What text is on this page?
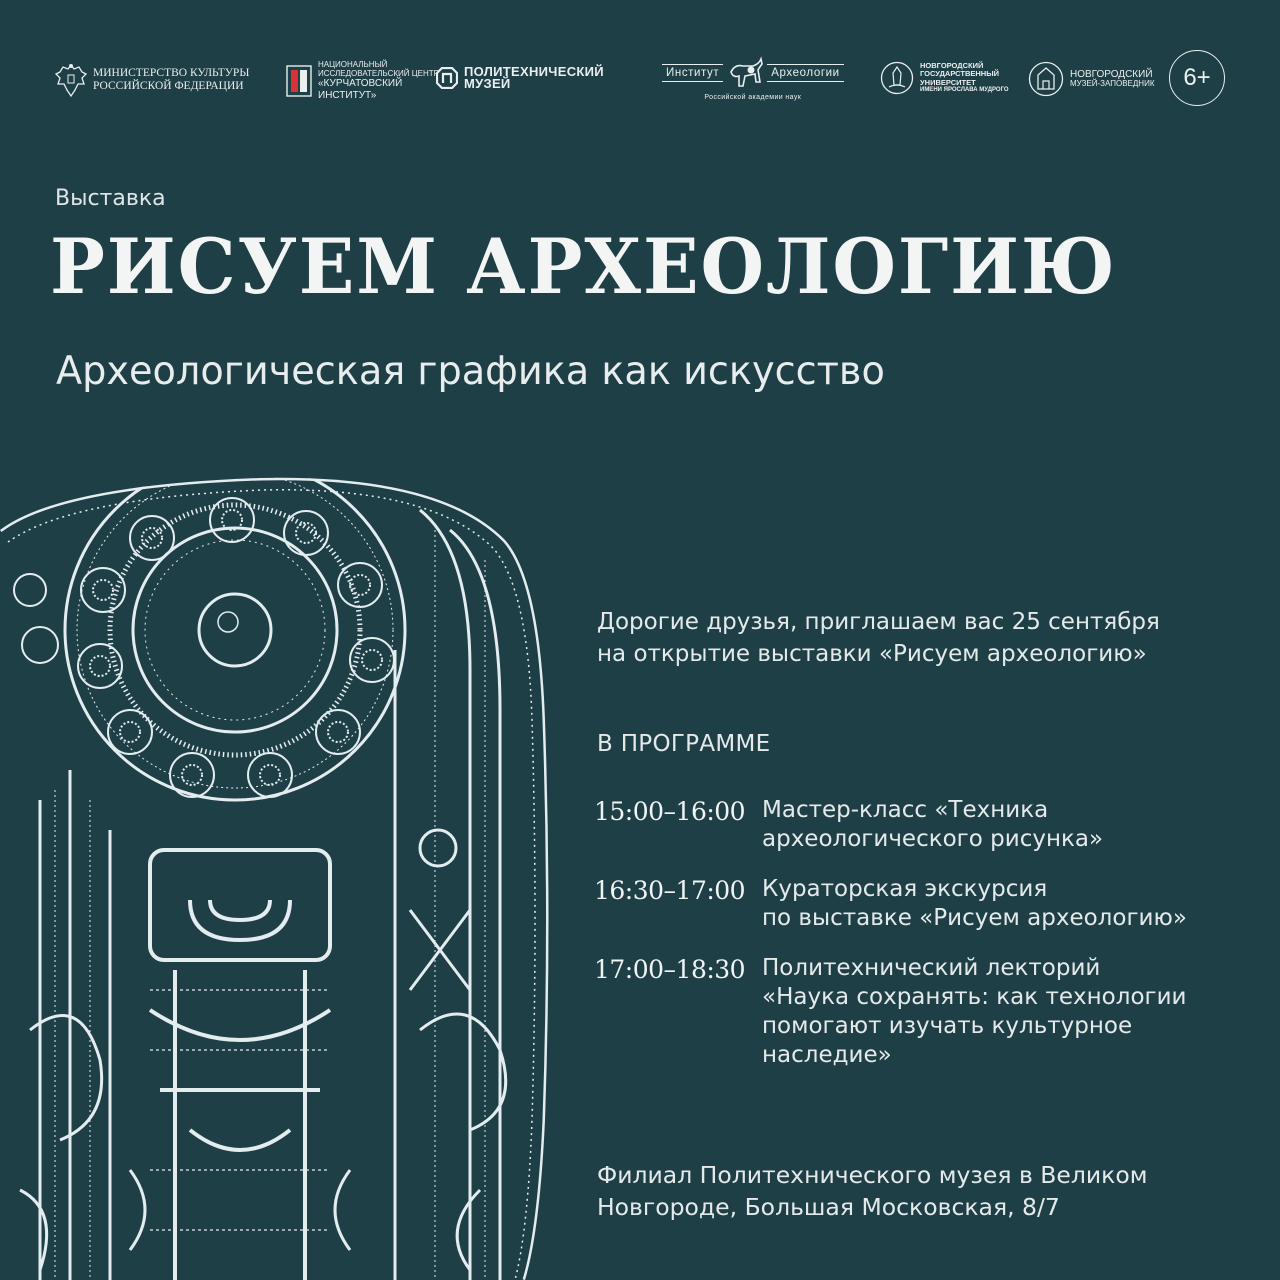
МИНИСТЕРСТВО КУЛЬТУРЫ
РОССИЙСКОЙ ФЕДЕРАЦИИ
НАЦИОНАЛЬНЫЙ
ИССЛЕДОВАТЕЛЬСКИЙ ЦЕНТР
«КУРЧАТОВСКИЙ
ИНСТИТУТ»
ПОЛИТЕХНИЧЕСКИЙ
МУЗЕЙ
Институт	Археологии
Российской академии наук
НОВГОРОДСКИЙ
ГОСУДАРСТВЕННЫЙ
УНИВЕРСИТЕТ
ИМЕНИ ЯРОСЛАВА МУДРОГО
НОВГОРОДСКИЙ
МУЗЕЙ-ЗАПОВЕДНИК	6+
Выставка
РИСУЕМ АРХЕОЛОГИЮ
Археологическая графика как искусство
Дорогие друзья, приглашаем вас 25 сентября
на открытие выставки «Рисуем археологию»
В ПРОГРАММЕ
15:00–16:00 Мастер-класс «Техника
археологического рисунка»
16:30–17:00 Кураторская экскурсия
по выставке «Рисуем археологию»
17:00–18:30 Политехнический лекторий
«Наука сохранять: как технологии
помогают изучать культурное
наследие»
Филиал Политехнического музея в Великом
Новгороде, Большая Московская, 8/7
